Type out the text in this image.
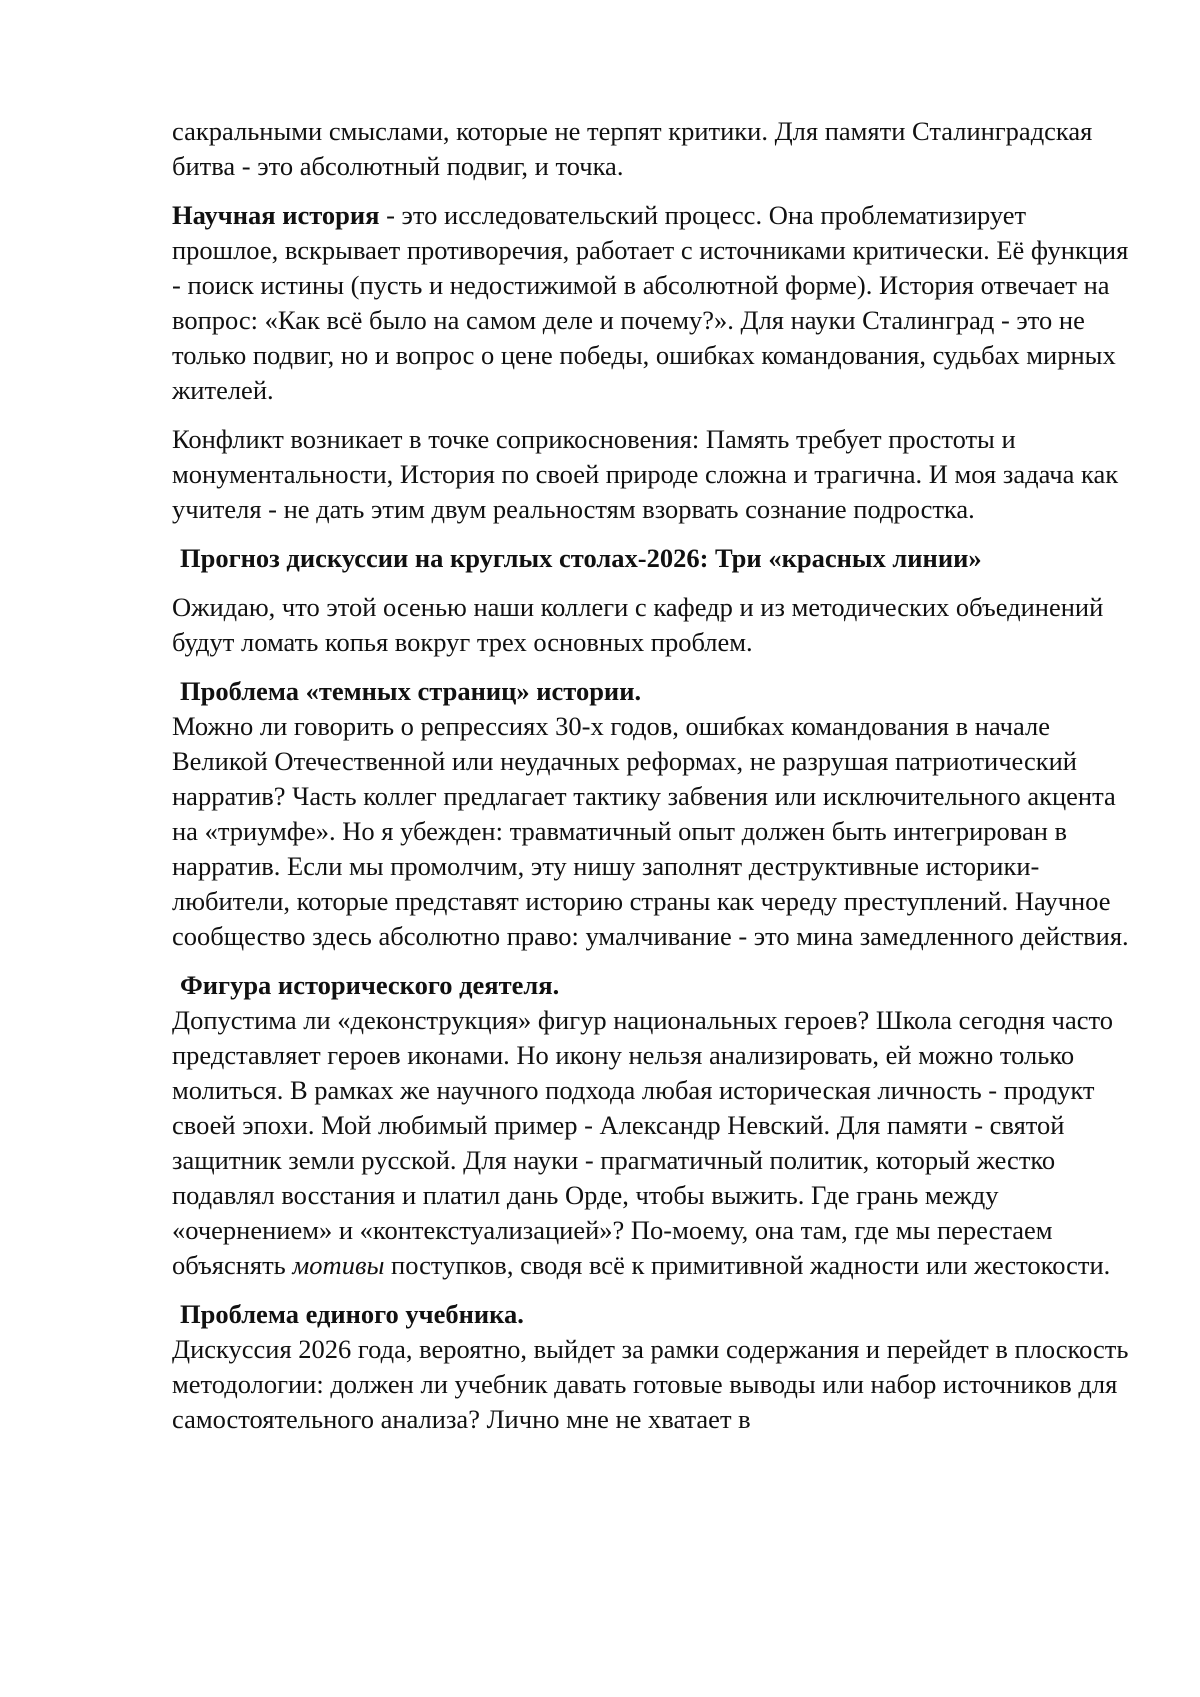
сакральными смыслами, которые не терпят критики. Для памяти Сталинградская битва - это абсолютный подвиг, и точка.

Научная история - это исследовательский процесс. Она проблематизирует прошлое, вскрывает противоречия, работает с источниками критически. Её функция - поиск истины (пусть и недостижимой в абсолютной форме). История отвечает на вопрос: «Как всё было на самом деле и почему?». Для науки Сталинград - это не только подвиг, но и вопрос о цене победы, ошибках командования, судьбах мирных жителей.

Конфликт возникает в точке соприкосновения: Память требует простоты и монументальности, История по своей природе сложна и трагична. И моя задача как учителя - не дать этим двум реальностям взорвать сознание подростка.

Прогноз дискуссии на круглых столах-2026: Три «красных линии»

Ожидаю, что этой осенью наши коллеги с кафедр и из методических объединений будут ломать копья вокруг трех основных проблем.

Проблема «темных страниц» истории.

Можно ли говорить о репрессиях 30-х годов, ошибках командования в начале Великой Отечественной или неудачных реформах, не разрушая патриотический нарратив? Часть коллег предлагает тактику забвения или исключительного акцента на «триумфе». Но я убежден: травматичный опыт должен быть интегрирован в нарратив. Если мы промолчим, эту нишу заполнят деструктивные историки-любители, которые представят историю страны как череду преступлений. Научное сообщество здесь абсолютно право: умалчивание - это мина замедленного действия.

Фигура исторического деятеля.

Допустима ли «деконструкция» фигур национальных героев? Школа сегодня часто представляет героев иконами. Но икону нельзя анализировать, ей можно только молиться. В рамках же научного подхода любая историческая личность - продукт своей эпохи. Мой любимый пример - Александр Невский. Для памяти - святой защитник земли русской. Для науки - прагматичный политик, который жестко подавлял восстания и платил дань Орде, чтобы выжить. Где грань между «очернением» и «контекстуализацией»? По-моему, она там, где мы перестаем объяснять мотивы поступков, сводя всё к примитивной жадности или жестокости.

Проблема единого учебника.

Дискуссия 2026 года, вероятно, выйдет за рамки содержания и перейдет в плоскость методологии: должен ли учебник давать готовые выводы или набор источников для самостоятельного анализа? Лично мне не хватает в
